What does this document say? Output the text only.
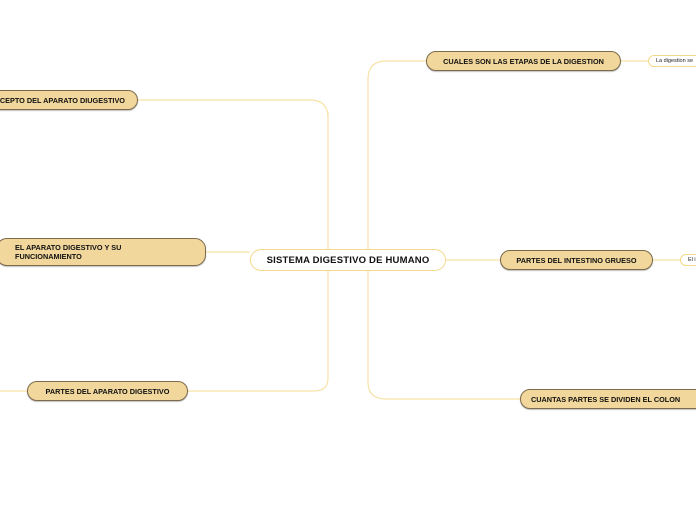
SISTEMA DIGESTIVO DE HUMANO
CEPTO DEL APARATO DIUGESTIVO
EL APARATO DIGESTIVO Y SU FUNCIONAMIENTO
PARTES DEL APARATO DIGESTIVO
CUALES SON LAS ETAPAS DE LA DIGESTION
PARTES DEL INTESTINO GRUESO
CUANTAS PARTES SE DIVIDEN EL COLON
La digestion se
El i
